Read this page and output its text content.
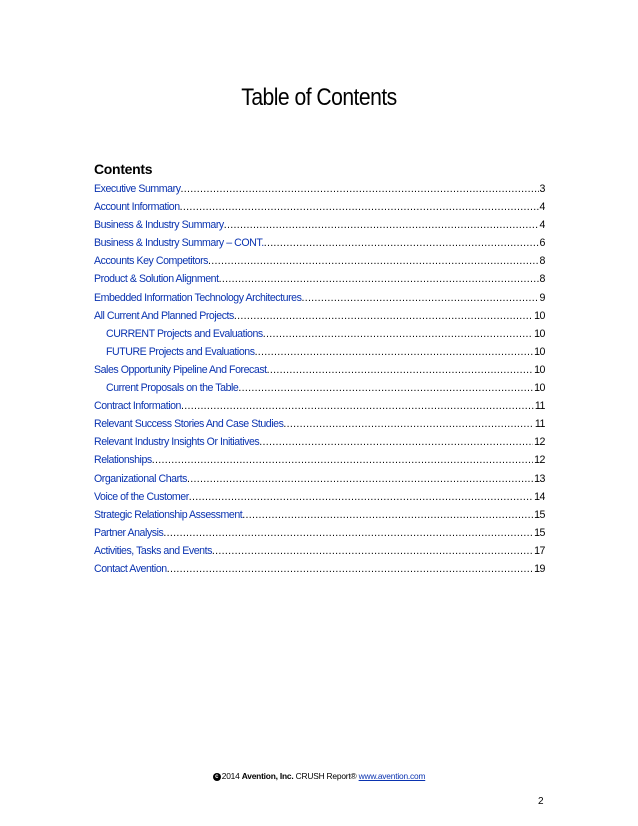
Table of Contents
Contents
Executive Summary .....	3
Account Information .....	4
Business & Industry Summary .....	4
Business & Industry Summary – CONT. .....	6
Accounts Key Competitors .....	8
Product & Solution Alignment .....	8
Embedded Information Technology Architectures .....	9
All Current And Planned Projects .....	10
CURRENT Projects and Evaluations .....	10
FUTURE Projects and Evaluations .....	10
Sales Opportunity Pipeline And Forecast .....	10
Current Proposals on the Table .....	10
Contract Information .....	11
Relevant Success Stories And Case Studies .....	11
Relevant Industry Insights Or Initiatives .....	12
Relationships .....	12
Organizational Charts .....	13
Voice of the Customer .....	14
Strategic Relationship Assessment .....	15
Partner Analysis .....	15
Activities, Tasks and Events .....	17
Contact Avention .....	19
c 2014 Avention, Inc. CRUSH Report® www.avention.com
2
